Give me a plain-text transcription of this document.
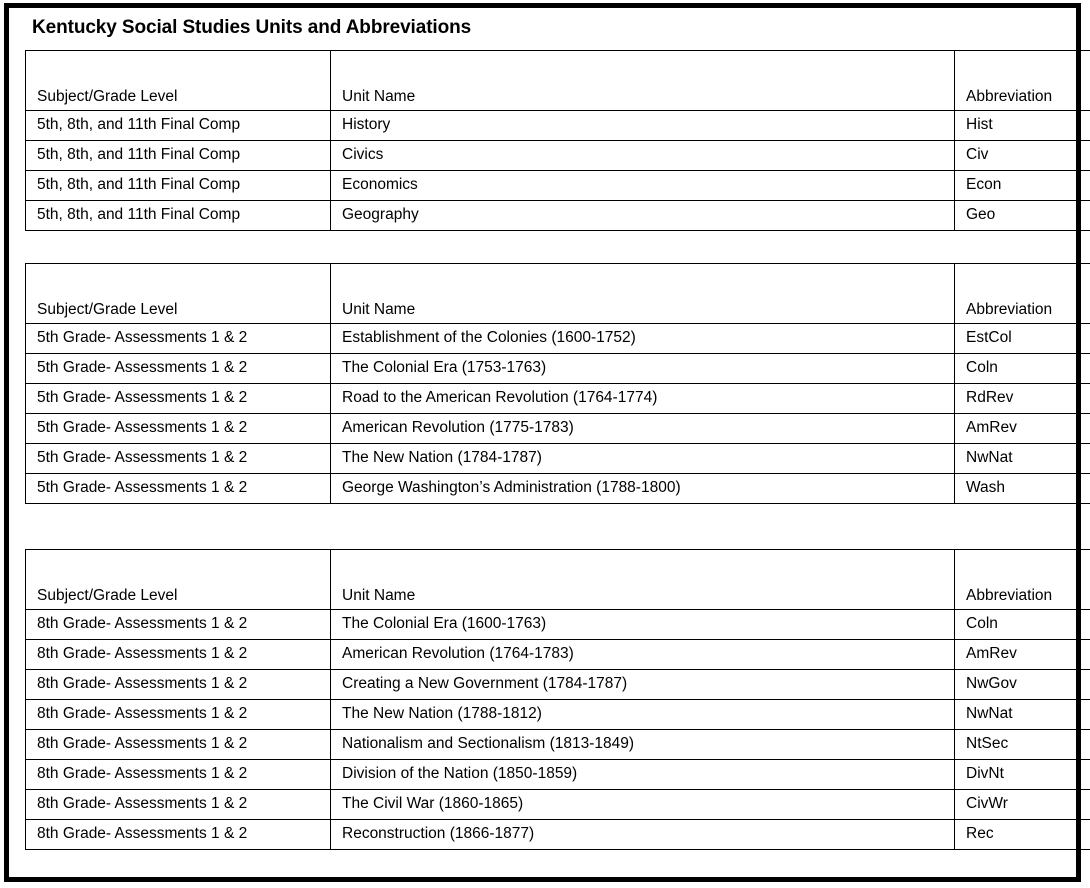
Kentucky Social Studies Units and Abbreviations
Subject/Grade Level	Unit Name	Abbreviation
5th, 8th, and 11th Final Comp	History	Hist
5th, 8th, and 11th Final Comp	Civics	Civ
5th, 8th, and 11th Final Comp	Economics	Econ
5th, 8th, and 11th Final Comp	Geography	Geo
Subject/Grade Level	Unit Name	Abbreviation
5th Grade- Assessments 1 & 2	Establishment of the Colonies (1600-1752)	EstCol
5th Grade- Assessments 1 & 2	The Colonial Era (1753-1763)	Coln
5th Grade- Assessments 1 & 2	Road to the American Revolution (1764-1774)	RdRev
5th Grade- Assessments 1 & 2	American Revolution (1775-1783)	AmRev
5th Grade- Assessments 1 & 2	The New Nation (1784-1787)	NwNat
5th Grade- Assessments 1 & 2	George Washington’s Administration (1788-1800)	Wash
Subject/Grade Level	Unit Name	Abbreviation
8th Grade- Assessments 1 & 2	The Colonial Era (1600-1763)	Coln
8th Grade- Assessments 1 & 2	American Revolution (1764-1783)	AmRev
8th Grade- Assessments 1 & 2	Creating a New Government (1784-1787)	NwGov
8th Grade- Assessments 1 & 2	The New Nation (1788-1812)	NwNat
8th Grade- Assessments 1 & 2	Nationalism and Sectionalism (1813-1849)	NtSec
8th Grade- Assessments 1 & 2	Division of the Nation (1850-1859)	DivNt
8th Grade- Assessments 1 & 2	The Civil War (1860-1865)	CivWr
8th Grade- Assessments 1 & 2	Reconstruction (1866-1877)	Rec
